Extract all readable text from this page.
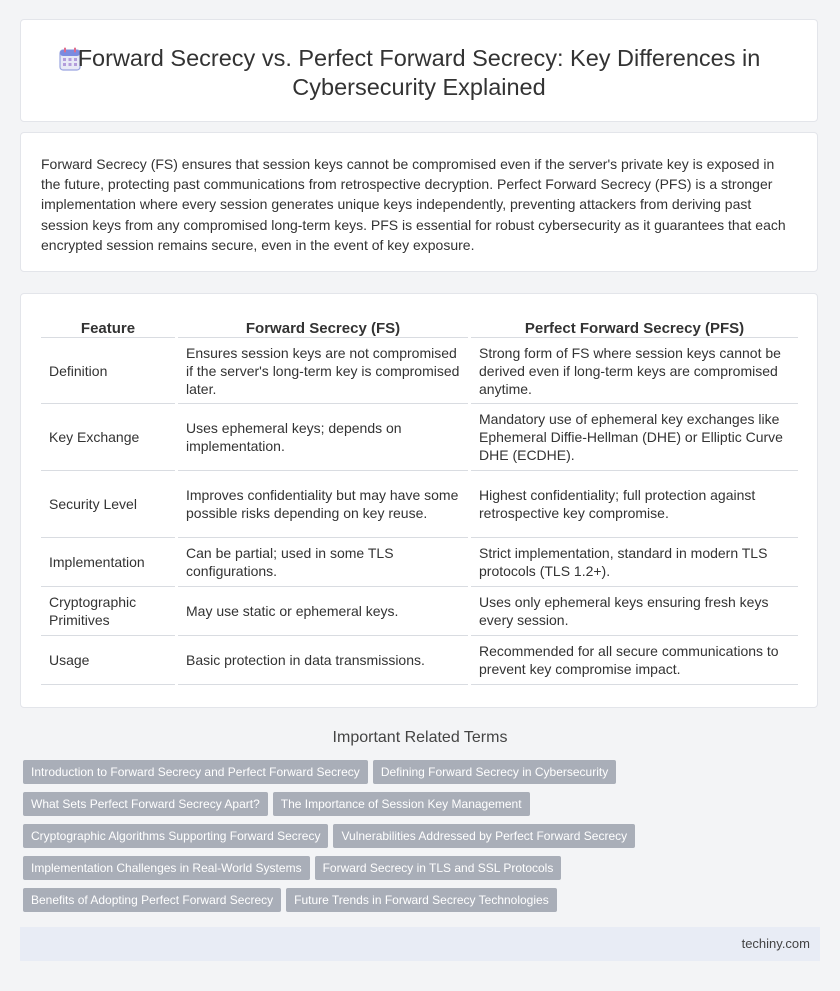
Forward Secrecy vs. Perfect Forward Secrecy: Key Differences in Cybersecurity Explained
Forward Secrecy (FS) ensures that session keys cannot be compromised even if the server's private key is exposed in the future, protecting past communications from retrospective decryption. Perfect Forward Secrecy (PFS) is a stronger implementation where every session generates unique keys independently, preventing attackers from deriving past session keys from any compromised long-term keys. PFS is essential for robust cybersecurity as it guarantees that each encrypted session remains secure, even in the event of key exposure.
Feature	Forward Secrecy (FS)	Perfect Forward Secrecy (PFS)
Definition	Ensures session keys are not compromised if the server's long-term key is compromised later.	Strong form of FS where session keys cannot be derived even if long-term keys are compromised anytime.
Key Exchange	Uses ephemeral keys; depends on implementation.	Mandatory use of ephemeral key exchanges like Ephemeral Diffie-Hellman (DHE) or Elliptic Curve DHE (ECDHE).
Security Level	Improves confidentiality but may have some possible risks depending on key reuse.	Highest confidentiality; full protection against retrospective key compromise.
Implementation	Can be partial; used in some TLS configurations.	Strict implementation, standard in modern TLS protocols (TLS 1.2+).
Cryptographic Primitives	May use static or ephemeral keys.	Uses only ephemeral keys ensuring fresh keys every session.
Usage	Basic protection in data transmissions.	Recommended for all secure communications to prevent key compromise impact.
Important Related Terms
Introduction to Forward Secrecy and Perfect Forward Secrecy Defining Forward Secrecy in Cybersecurity
What Sets Perfect Forward Secrecy Apart? The Importance of Session Key Management
Cryptographic Algorithms Supporting Forward Secrecy Vulnerabilities Addressed by Perfect Forward Secrecy
Implementation Challenges in Real-World Systems Forward Secrecy in TLS and SSL Protocols
Benefits of Adopting Perfect Forward Secrecy Future Trends in Forward Secrecy Technologies
techiny.com
